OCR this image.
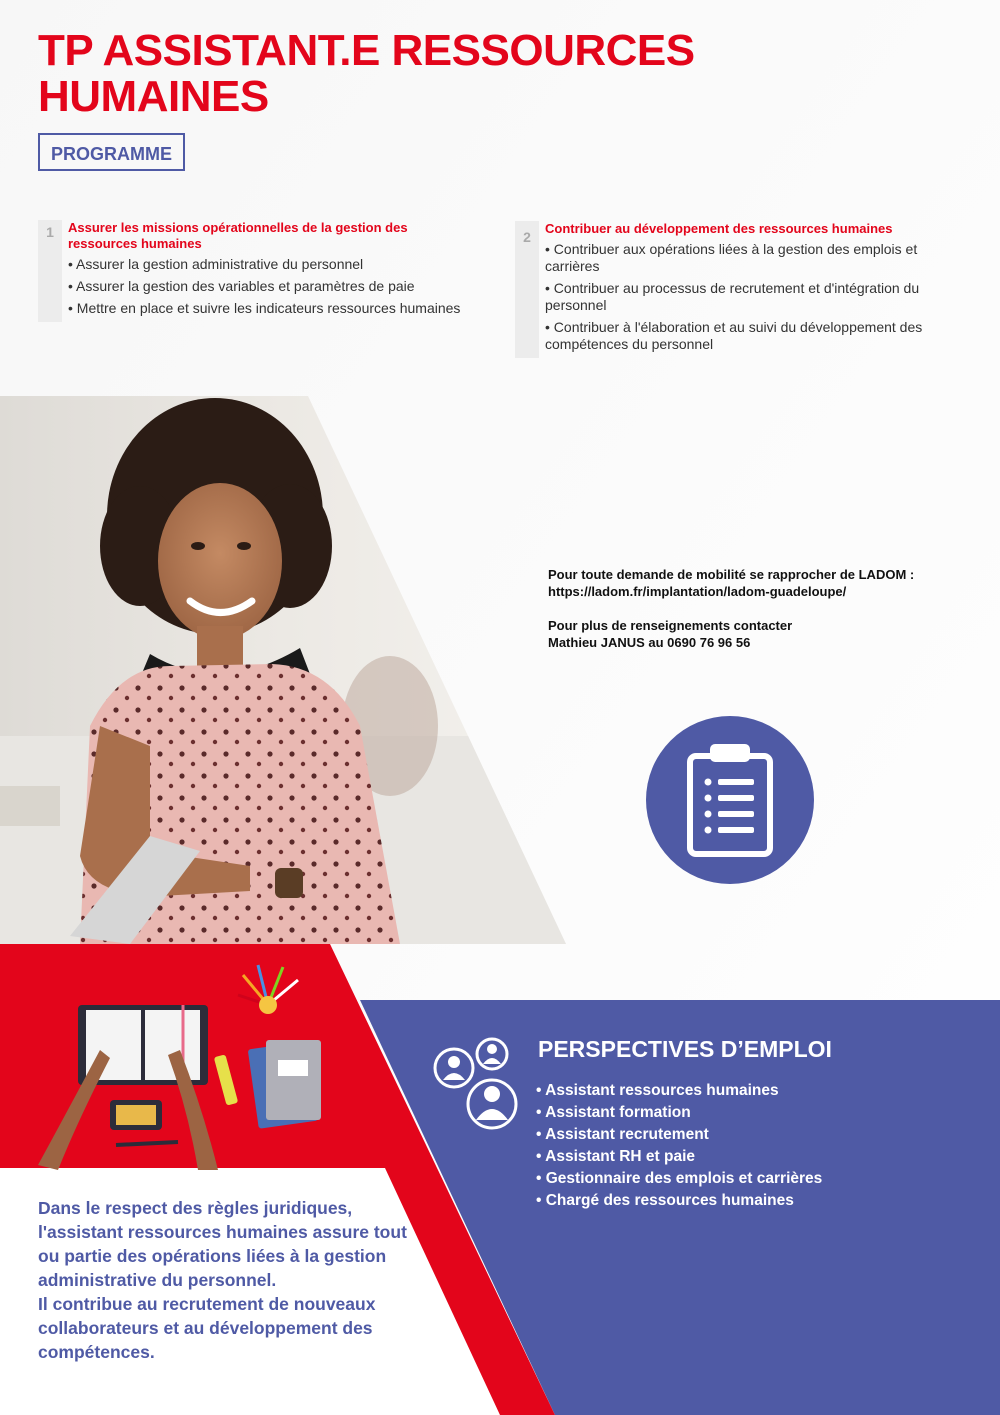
TP ASSISTANT.E RESSOURCES
HUMAINES
PROGRAMME
1	Assurer les missions opérationnelles de la gestion des ressources humaines

• Assurer la gestion administrative du personnel
• Assurer la gestion des variables et paramètres de paie
• Mettre en place et suivre les indicateurs ressources humaines
2

Contribuer au développement des ressources humaines

• Contribuer aux opérations liées à la gestion des emplois et carrières
• Contribuer au processus de recrutement et d'intégration du personnel
• Contribuer à l'élaboration et au suivi du développement des compétences du personnel

Pour toute demande de mobilité se rapprocher de LADOM :
https://ladom.fr/implantation/ladom-guadeloupe/

Pour plus de renseignements contacter
Mathieu JANUS au 0690 76 96 56

PERSPECTIVES D’EMPLOI
• Assistant ressources humaines
• Assistant formation
• Assistant recrutement
• Assistant RH et paie
• Gestionnaire des emplois et carrières
• Chargé des ressources humaines

Dans le respect des règles juridiques, l'assistant ressources humaines assure tout ou partie des opérations liées à la gestion administrative du personnel.
Il contribue au recrutement de nouveaux collaborateurs et au développement des compétences.
